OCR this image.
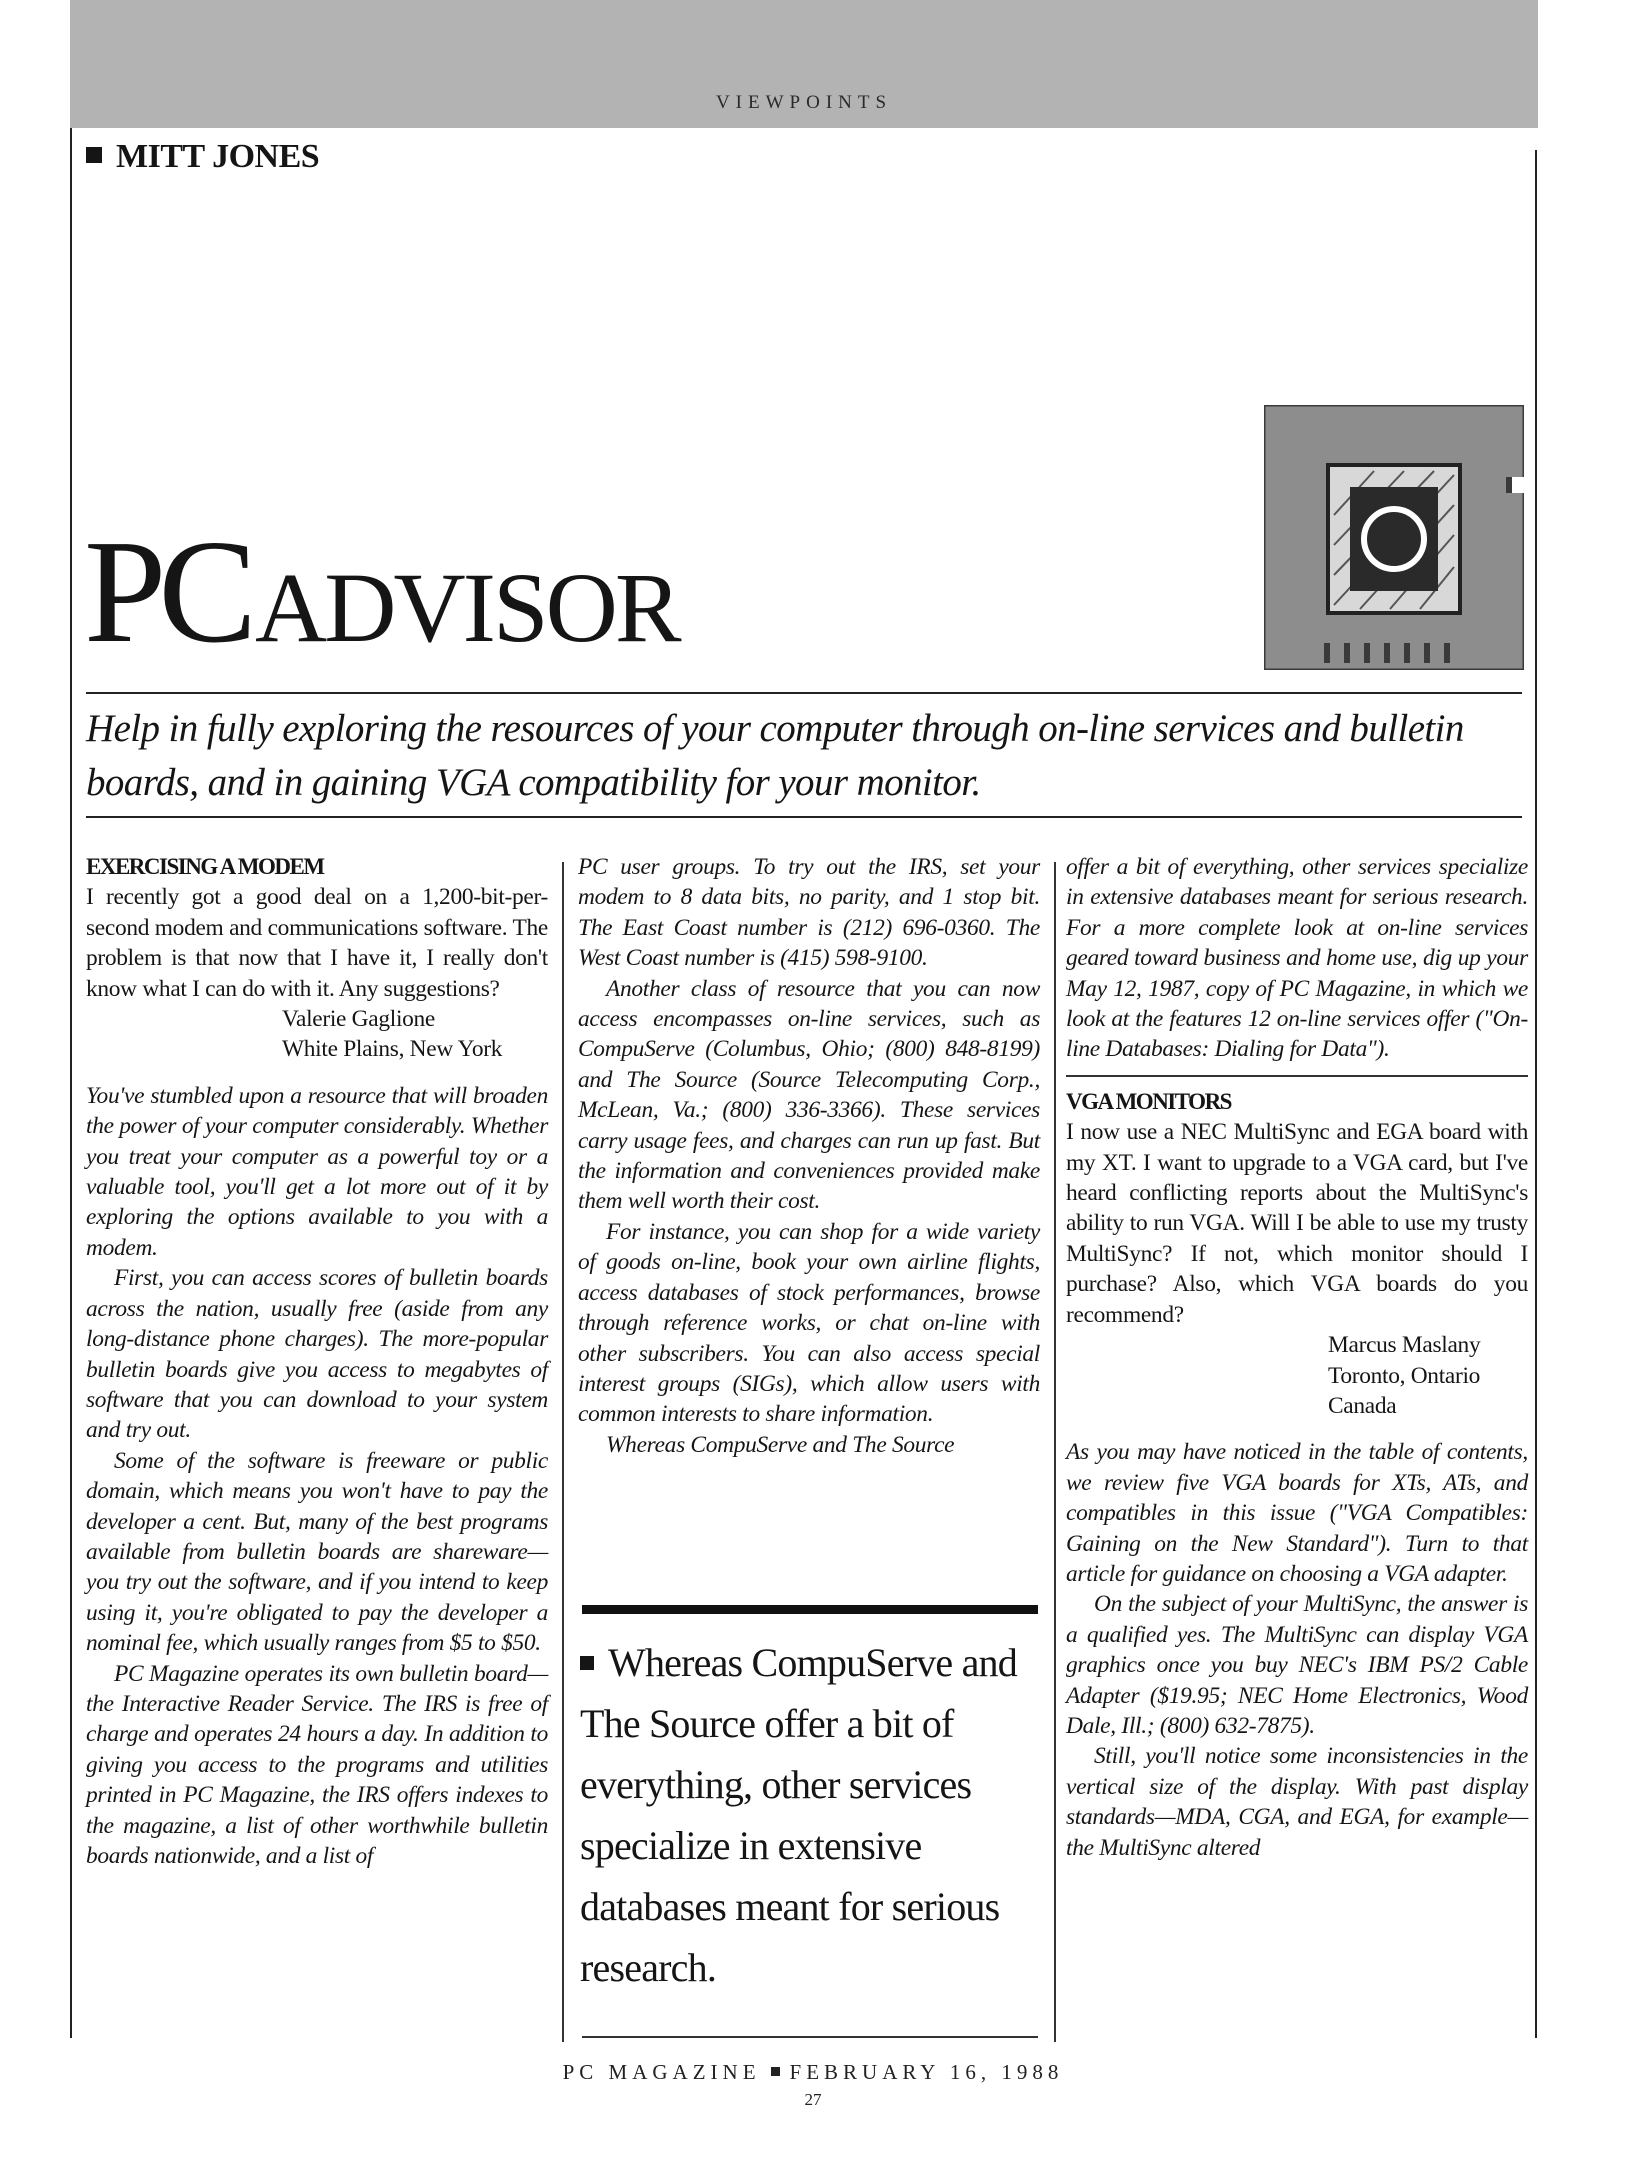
VIEWPOINTS
MITT JONES
PCADVISOR

Help in fully exploring the resources of your computer through on-line services and bulletin boards, and in gaining VGA compatibility for your monitor.

EXERCISING A MODEM

I recently got a good deal on a 1,200-bit-per-second modem and communications software. The problem is that now that I have it, I really don't know what I can do with it. Any suggestions?

Valerie Gaglione

White Plains, New York

You've stumbled upon a resource that will broaden the power of your computer considerably. Whether you treat your computer as a powerful toy or a valuable tool, you'll get a lot more out of it by exploring the options available to you with a modem.

First, you can access scores of bulletin boards across the nation, usually free (aside from any long-distance phone charges). The more-popular bulletin boards give you access to megabytes of software that you can download to your system and try out.

Some of the software is freeware or public domain, which means you won't have to pay the developer a cent. But, many of the best programs available from bulletin boards are shareware—you try out the software, and if you intend to keep using it, you're obligated to pay the developer a nominal fee, which usually ranges from $5 to $50.

PC Magazine operates its own bulletin board—the Interactive Reader Service. The IRS is free of charge and operates 24 hours a day. In addition to giving you access to the programs and utilities printed in PC Magazine, the IRS offers indexes to the magazine, a list of other worthwhile bulletin boards nationwide, and a list of

PC user groups. To try out the IRS, set your modem to 8 data bits, no parity, and 1 stop bit. The East Coast number is (212) 696-0360. The West Coast number is (415) 598-9100.

Another class of resource that you can now access encompasses on-line services, such as CompuServe (Columbus, Ohio; (800) 848-8199) and The Source (Source Telecomputing Corp., McLean, Va.; (800) 336-3366). These services carry usage fees, and charges can run up fast. But the information and conveniences provided make them well worth their cost.

For instance, you can shop for a wide variety of goods on-line, book your own airline flights, access databases of stock performances, browse through reference works, or chat on-line with other subscribers. You can also access special interest groups (SIGs), which allow users with common interests to share information.

Whereas CompuServe and The Source

Whereas CompuServe and The Source offer a bit of everything, other services specialize in extensive databases meant for serious research.

offer a bit of everything, other services specialize in extensive databases meant for serious research. For a more complete look at on-line services geared toward business and home use, dig up your May 12, 1987, copy of PC Magazine, in which we look at the features 12 on-line services offer ("On-line Databases: Dialing for Data").

VGA MONITORS

I now use a NEC MultiSync and EGA board with my XT. I want to upgrade to a VGA card, but I've heard conflicting reports about the MultiSync's ability to run VGA. Will I be able to use my trusty MultiSync? If not, which monitor should I purchase? Also, which VGA boards do you recommend?

Marcus Maslany

Toronto, Ontario

Canada

As you may have noticed in the table of contents, we review five VGA boards for XTs, ATs, and compatibles in this issue ("VGA Compatibles: Gaining on the New Standard"). Turn to that article for guidance on choosing a VGA adapter.

On the subject of your MultiSync, the answer is a qualified yes. The MultiSync can display VGA graphics once you buy NEC's IBM PS/2 Cable Adapter ($19.95; NEC Home Electronics, Wood Dale, Ill.; (800) 632-7875).

Still, you'll notice some inconsistencies in the vertical size of the display. With past display standards—MDA, CGA, and EGA, for example—the MultiSync altered

PC MAGAZINE FEBRUARY 16, 1988
27
